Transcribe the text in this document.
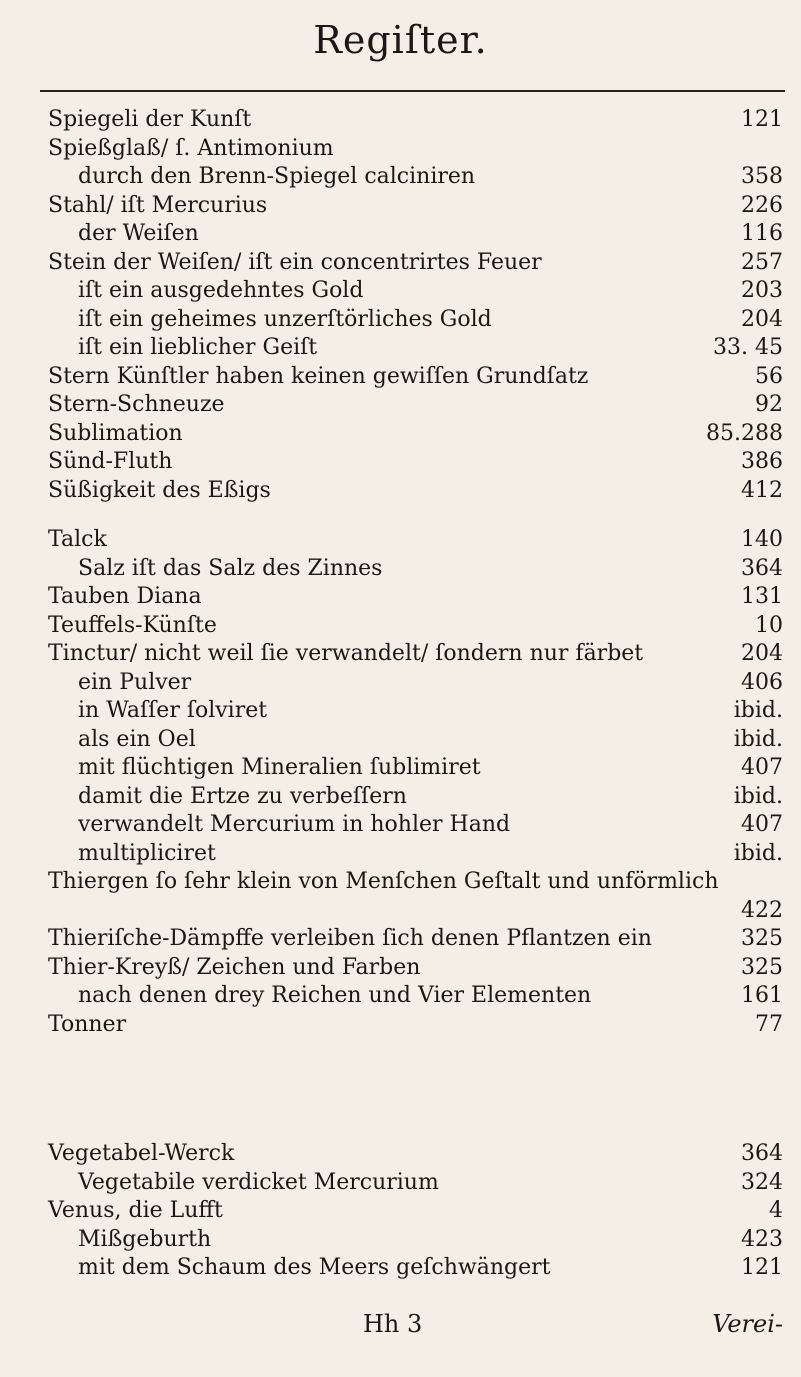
Regiſter.
Spiegeli der Kunſt	121
Spießglaß/ ſ. Antimonium
durch den Brenn-Spiegel calciniren	358
Stahl/ iſt Mercurius	226
der Weiſen	116
Stein der Weiſen/ iſt ein concentrirtes Feuer	257
iſt ein ausgedehntes Gold	203
iſt ein geheimes unzerſtörliches Gold	204
iſt ein lieblicher Geiſt	33. 45
Stern Künſtler haben keinen gewiſſen Grundſatz	56
Stern-Schneuze	92
Sublimation	85.288
Sünd-Fluth	386
Süßigkeit des Eßigs	412
Talck	140
Salz iſt das Salz des Zinnes	364
Tauben Diana	131
Teuffels-Künſte	10
Tinctur/ nicht weil ſie verwandelt/ ſondern nur färbet	204
ein Pulver	406
in Waſſer ſolviret	ibid.
als ein Oel	ibid.
mit flüchtigen Mineralien ſublimiret	407
damit die Ertze zu verbeſſern	ibid.
verwandelt Mercurium in hohler Hand	407
multipliciret	ibid.
Thiergen ſo ſehr klein von Menſchen Geſtalt und unförmlich
422
Thieriſche-Dämpffe verleiben ſich denen Pflantzen ein	325
Thier-Kreyß/ Zeichen und Farben	325
nach denen drey Reichen und Vier Elementen	161
Tonner	77
Vegetabel-Werck	364
Vegetabile verdicket Mercurium	324
Venus, die Lufft	4
Mißgeburth	423
mit dem Schaum des Meers geſchwängert	121
Hh 3	Verei-
